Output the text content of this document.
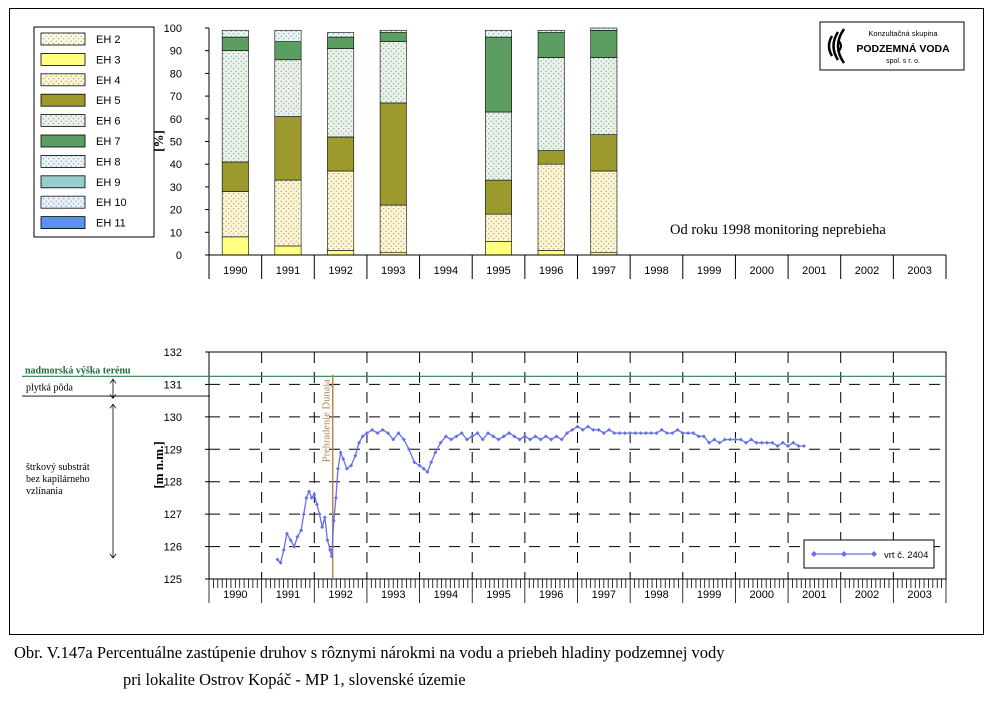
EH 2
EH 3
EH 4
EH 5
EH 6
EH 7
EH 8
EH 9
EH 10
EH 11
0
10
20
30
40
50
60
70
80
90
100
1990	1991	1992	1993	1994	1995	1996	1997	1998	1999	2000	2001	2002	2003
[%]
Od roku 1998 monitoring neprebieha
Konzultačná skupina
PODZEMNÁ VODA
spol. s r. o.
125
126
127
128
129
130
131
132
1990	1991	1992	1993	1994	1995	1996	1997	1998	1999	2000	2001	2002	2003
[m n.m.]
nadmorská výška terénu
plytká pôda
štrkový substrát
bez kapilárneho
vzlínania
Prehradenie Dunaja
vrt č. 2404
Obr. V.147a Percentuálne zastúpenie druhov s rôznymi nárokmi na vodu a priebeh hladiny podzemnej vody
pri lokalite Ostrov Kopáč - MP 1, slovenské územie
